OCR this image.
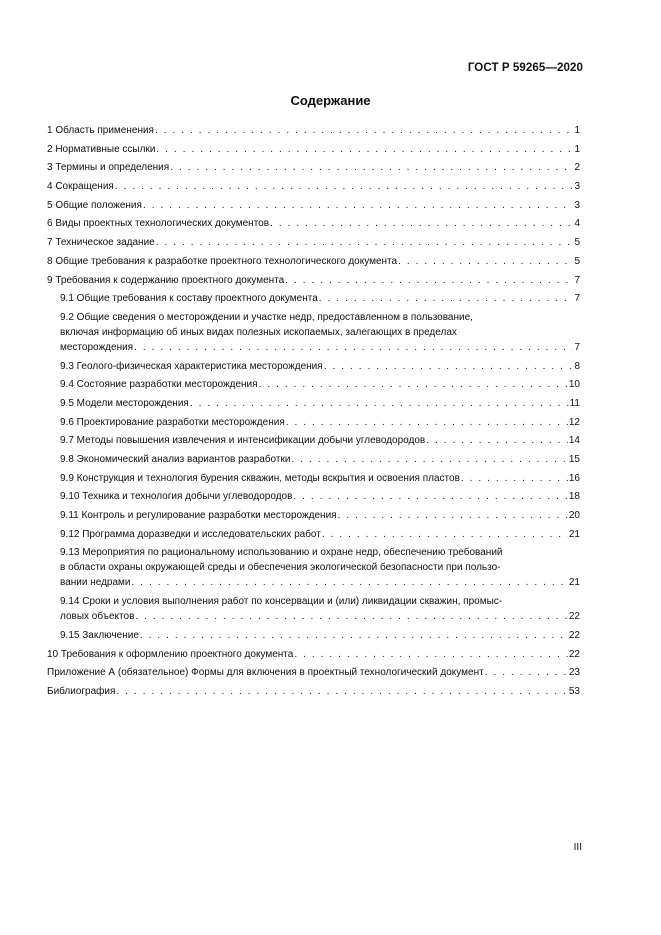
ГОСТ Р 59265—2020
Содержание
1 Область применения . . .	1
2 Нормативные ссылки . . .	1
3 Термины и определения . . .	2
4 Сокращения . . .	3
5 Общие положения . . .	3
6 Виды проектных технологических документов . . .	4
7 Техническое задание . . .	5
8 Общие требования к разработке проектного технологического документа . . .	5
9 Требования к содержанию проектного документа . . .	7
9.1 Общие требования к составу проектного документа . . .	7
9.2 Общие сведения о месторождении и участке недр, предоставленном в пользование,
включая информацию об иных видах полезных ископаемых, залегающих в пределах
месторождения . . .	7
9.3 Геолого-физическая характеристика месторождения . . .	8
9.4 Состояние разработки месторождения . . .	10
9.5 Модели месторождения . . .	11
9.6 Проектирование разработки месторождения . . .	12
9.7 Методы повышения извлечения и интенсификации добычи углеводородов . . .	14
9.8 Экономический анализ вариантов разработки . . .	15
9.9 Конструкция и технология бурения скважин, методы вскрытия и освоения пластов . . .	16
9.10 Техника и технология добычи углеводородов . . .	18
9.11 Контроль и регулирование разработки месторождения . . .	20
9.12 Программа доразведки и исследовательских работ . . .	21
9.13 Мероприятия по рациональному использованию и охране недр, обеспечению требований
в области охраны окружающей среды и обеспечения экологической безопасности при пользо-
вании недрами . . .	21
9.14 Сроки и условия выполнения работ по консервации и (или) ликвидации скважин, промыс-
ловых объектов . . .	22
9.15 Заключение . . .	22
10 Требования к оформлению проектного документа . . .	22
Приложение А (обязательное) Формы для включения в проектный технологический документ . . .	23
Библиография . . .	53
III
